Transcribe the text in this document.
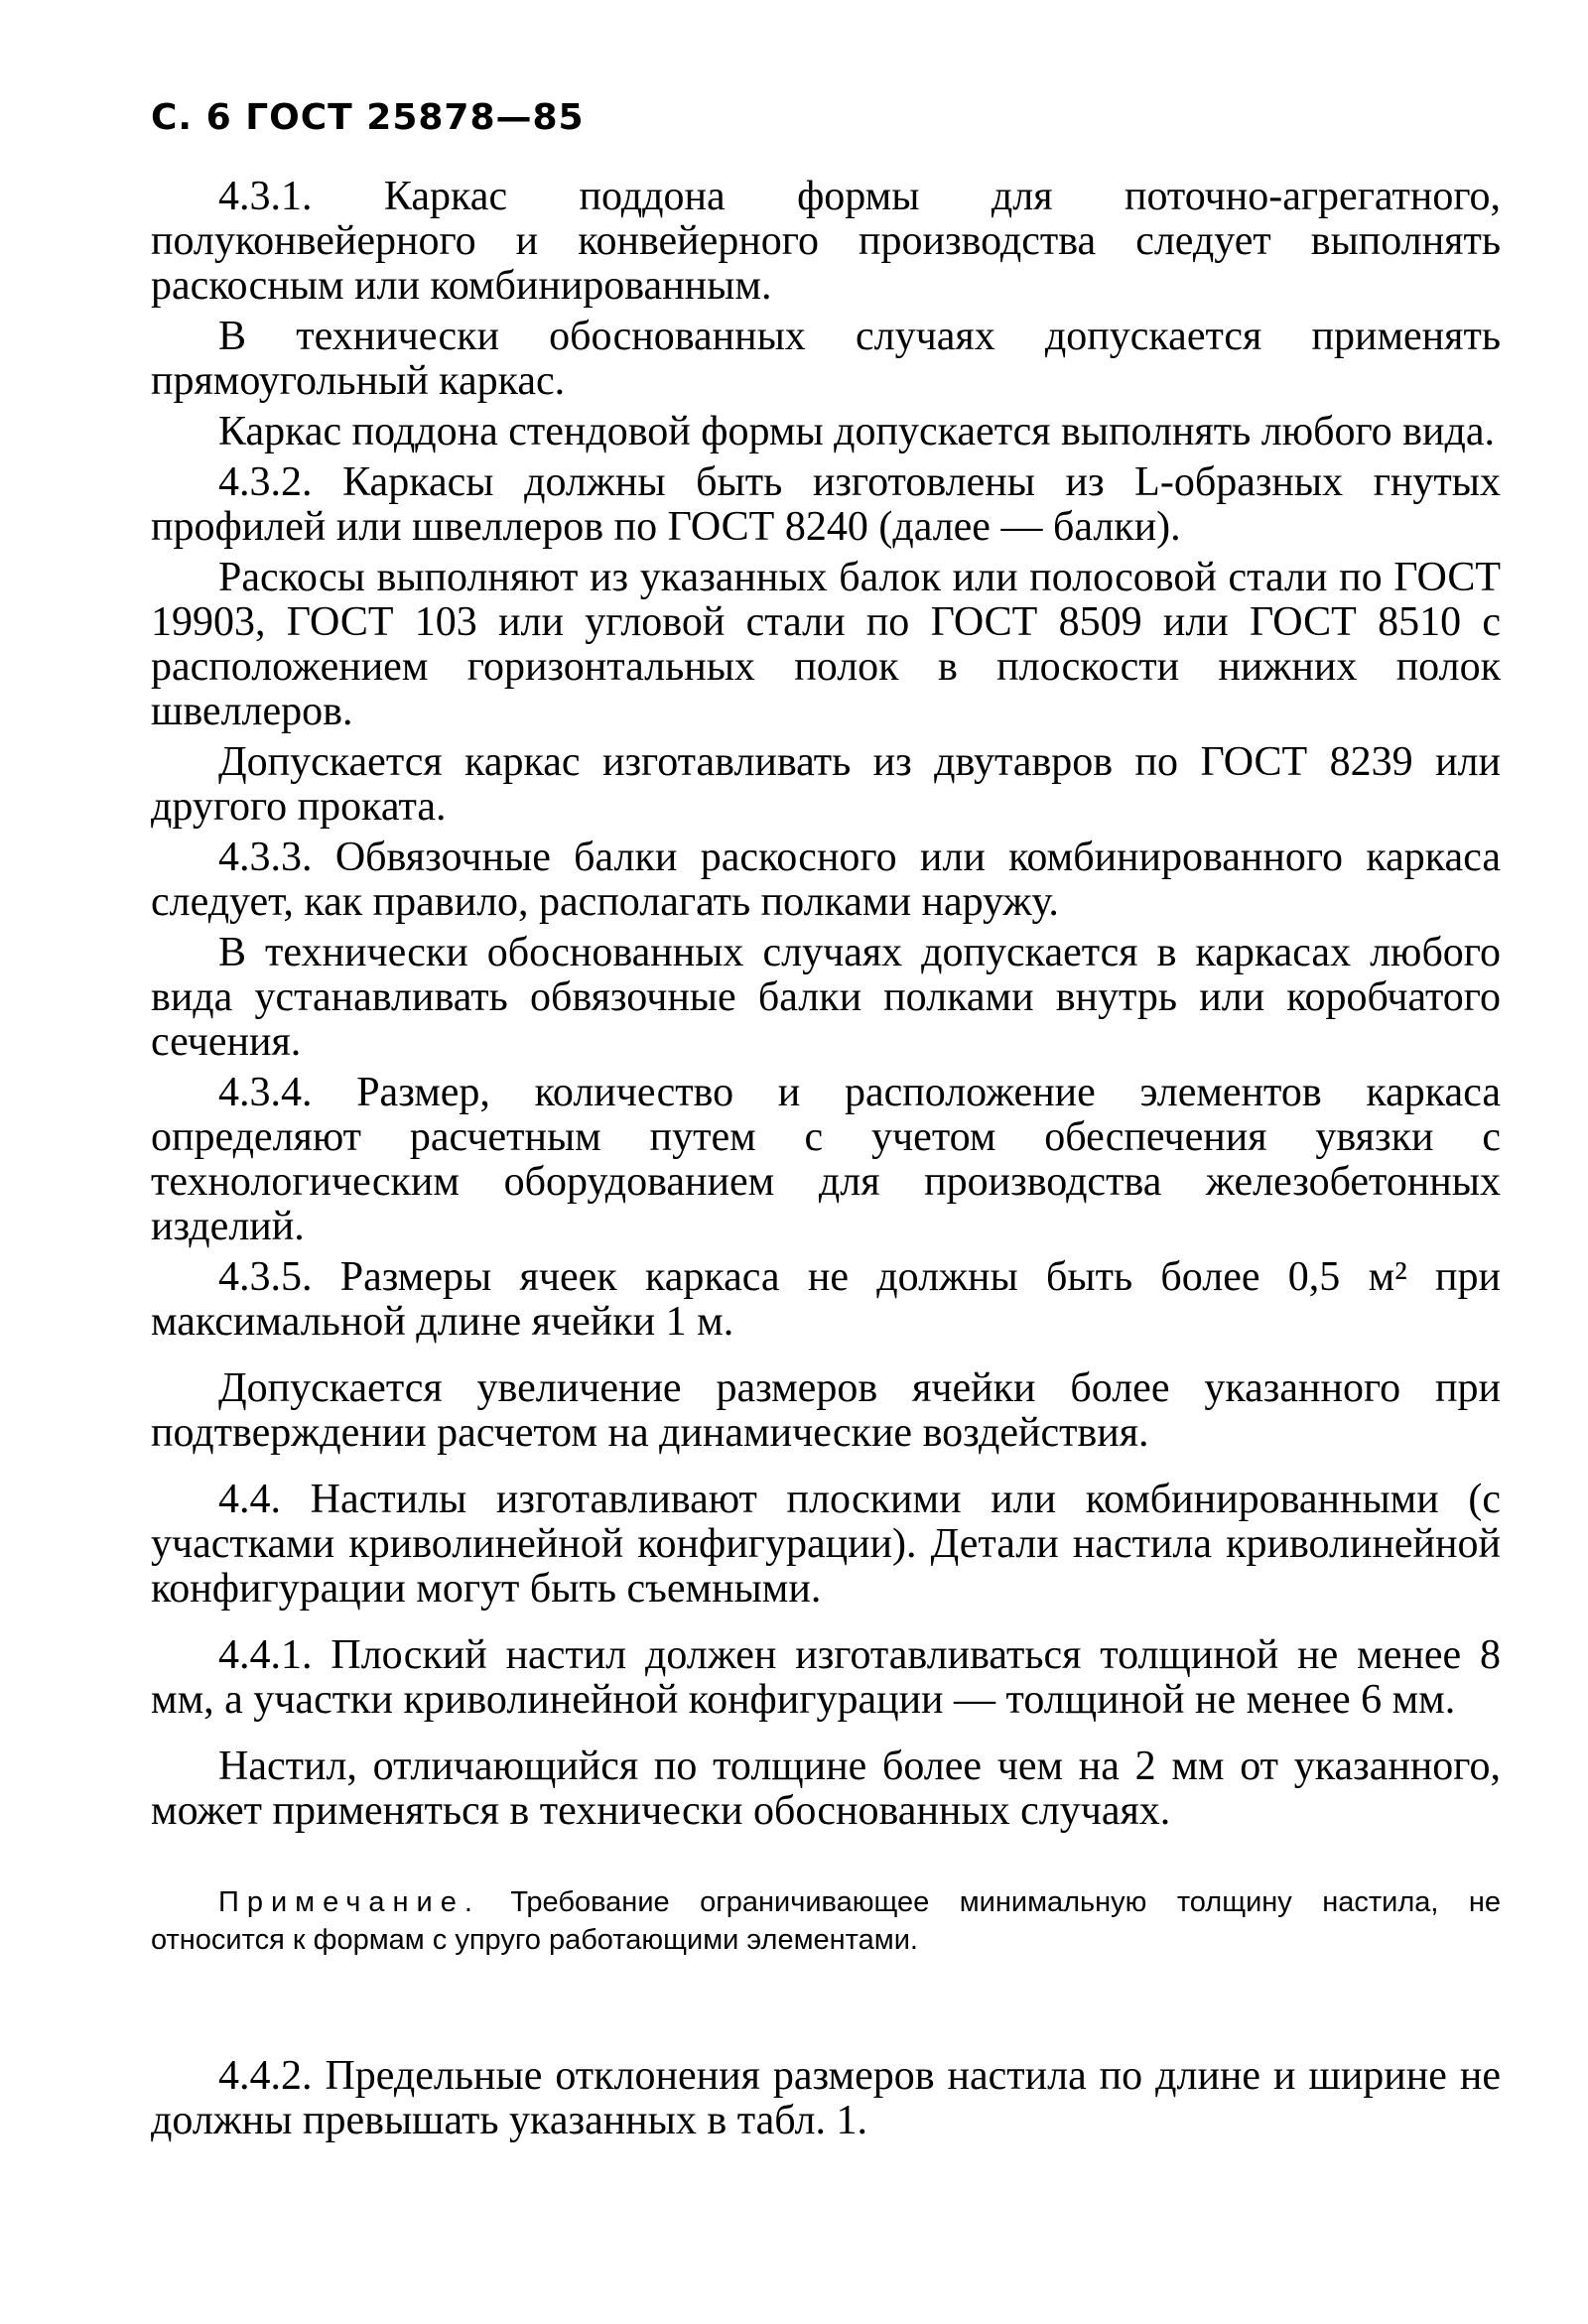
С. 6 ГОСТ 25878—85

4.3.1. Каркас поддона формы для поточно-агрегатного, полуконвейерного и конвейерного производства следует выполнять раскосным или комбинированным.

В технически обоснованных случаях допускается применять прямоугольный каркас.

Каркас поддона стендовой формы допускается выполнять любого вида.

4.3.2. Каркасы должны быть изготовлены из L-образных гнутых профилей или швеллеров по ГОСТ 8240 (далее — балки).

Раскосы выполняют из указанных балок или полосовой стали по ГОСТ 19903, ГОСТ 103 или угловой стали по ГОСТ 8509 или ГОСТ 8510 с расположением горизонтальных полок в плоскости нижних полок швеллеров.

Допускается каркас изготавливать из двутавров по ГОСТ 8239 или другого проката.

4.3.3. Обвязочные балки раскосного или комбинированного каркаса следует, как правило, располагать полками наружу.

В технически обоснованных случаях допускается в каркасах любого вида устанавливать обвязочные балки полками внутрь или коробчатого сечения.

4.3.4. Размер, количество и расположение элементов каркаса определяют расчетным путем с учетом обеспечения увязки с технологическим оборудованием для производства железобетонных изделий.

4.3.5. Размеры ячеек каркаса не должны быть более 0,5 м² при максимальной длине ячейки 1 м.

Допускается увеличение размеров ячейки более указанного при подтверждении расчетом на динамические воздействия.

4.4. Настилы изготавливают плоскими или комбинированными (с участками криволинейной конфигурации). Детали настила криволинейной конфигурации могут быть съемными.

4.4.1. Плоский настил должен изготавливаться толщиной не менее 8 мм, а участки криволинейной конфигурации — толщиной не менее 6 мм.

Настил, отличающийся по толщине более чем на 2 мм от указанного, может применяться в технически обоснованных случаях.

Примечание. Требование ограничивающее минимальную толщину настила, не относится к формам с упруго работающими элементами.

4.4.2. Предельные отклонения размеров настила по длине и ширине не должны превышать указанных в табл. 1.
